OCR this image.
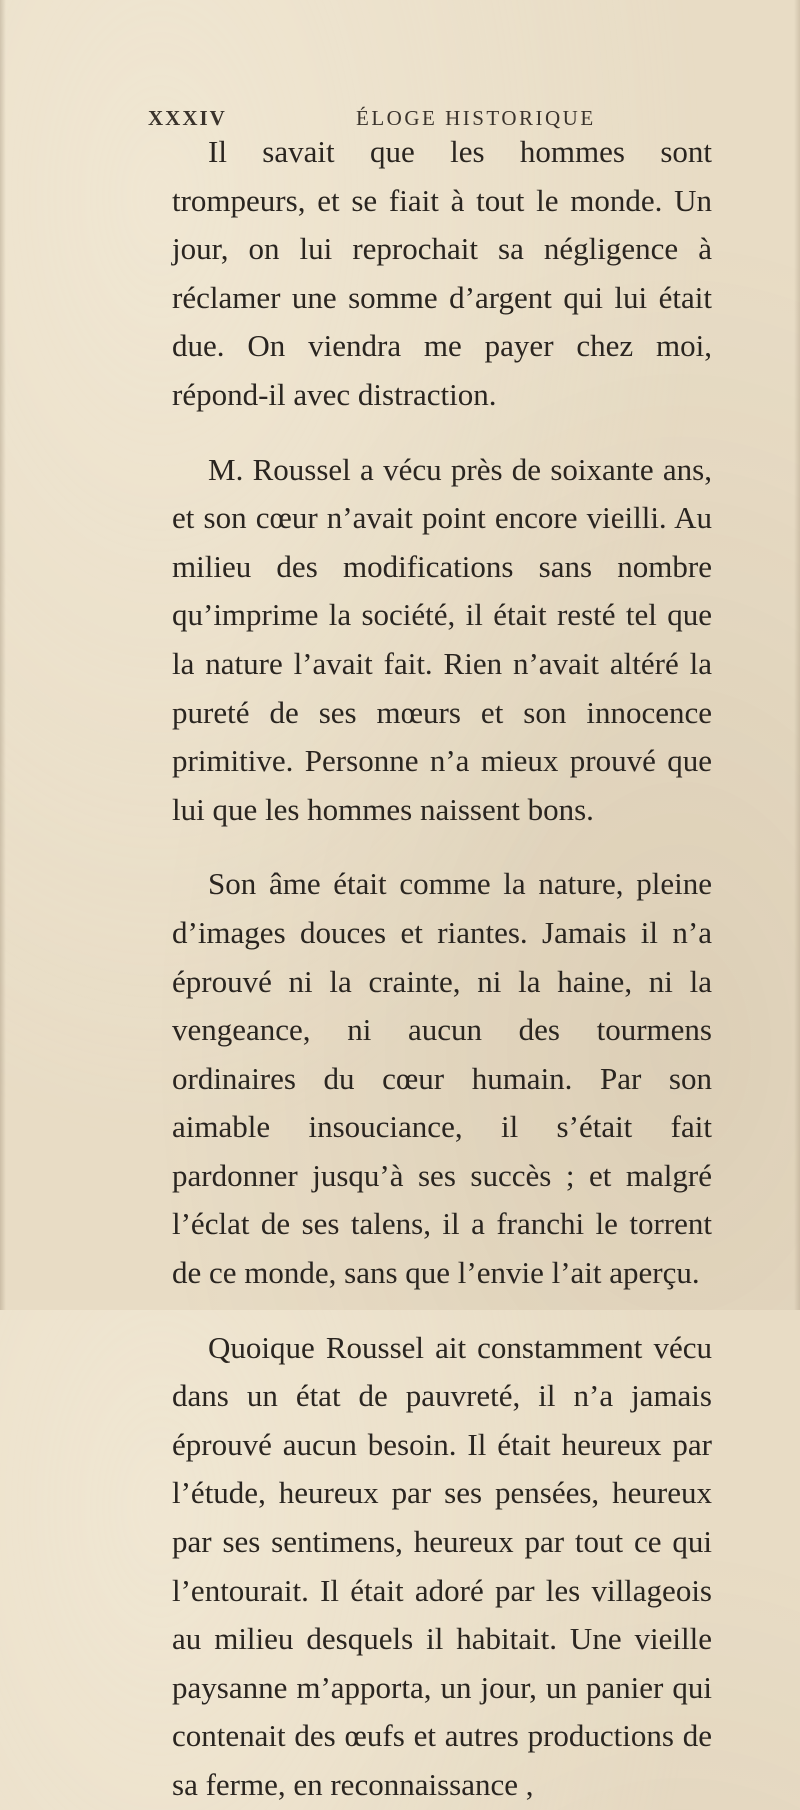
XXXIV	ÉLOGE HISTORIQUE

Il savait que les hommes sont trompeurs, et se fiait à tout le monde. Un jour, on lui reprochait sa négligence à réclamer une somme d’argent qui lui était due. On viendra me payer chez moi, répond-il avec distraction.

M. Roussel a vécu près de soixante ans, et son cœur n’avait point encore vieilli. Au milieu des modifications sans nombre qu’imprime la société, il était resté tel que la nature l’avait fait. Rien n’avait altéré la pureté de ses mœurs et son innocence primitive. Personne n’a mieux prouvé que lui que les hommes naissent bons.

Son âme était comme la nature, pleine d’images douces et riantes. Jamais il n’a éprouvé ni la crainte, ni la haine, ni la vengeance, ni aucun des tourmens ordinaires du cœur humain. Par son aimable insouciance, il s’était fait pardonner jusqu’à ses succès ; et malgré l’éclat de ses talens, il a franchi le torrent de ce monde, sans que l’envie l’ait aperçu.

Quoique Roussel ait constamment vécu dans un état de pauvreté, il n’a jamais éprouvé aucun besoin. Il était heureux par l’étude, heureux par ses pensées, heureux par ses sentimens, heureux par tout ce qui l’entourait. Il était adoré par les villageois au milieu desquels il habitait. Une vieille paysanne m’apporta, un jour, un panier qui contenait des œufs et autres productions de sa ferme, en reconnaissance ,
